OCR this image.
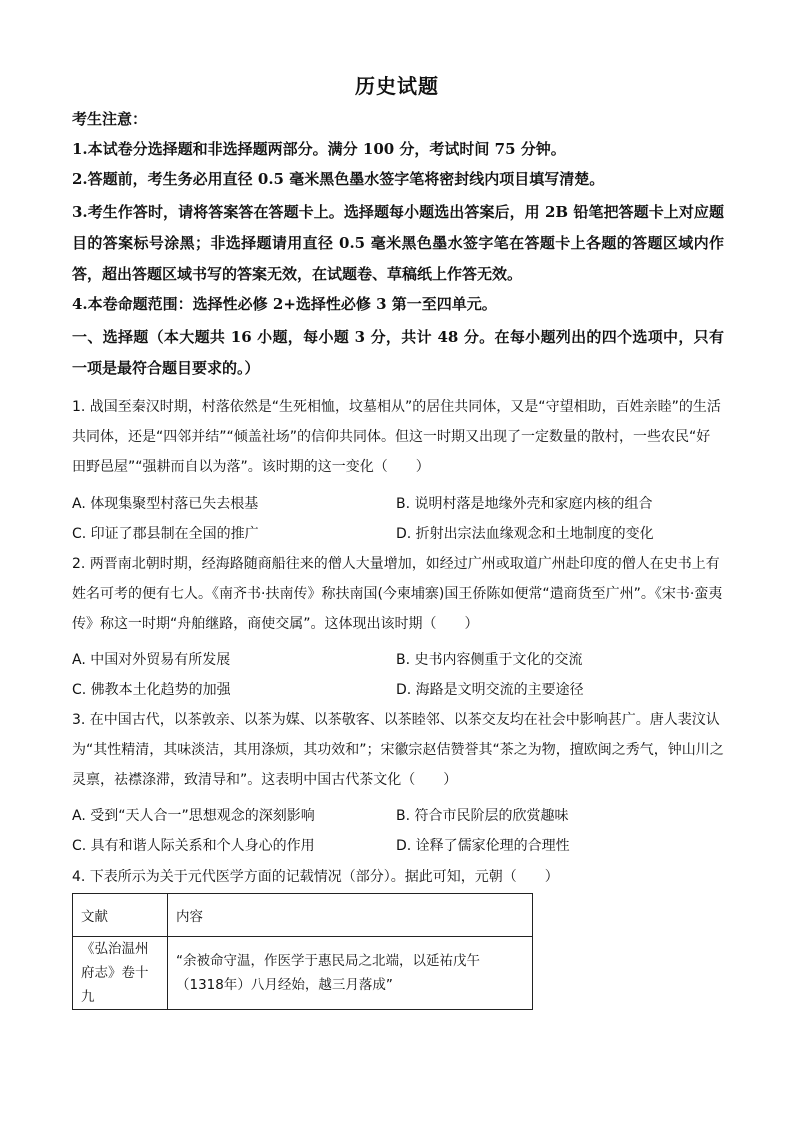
历史试题
考生注意：
1.本试卷分选择题和非选择题两部分。满分 100 分，考试时间 75 分钟。
2.答题前，考生务必用直径 0.5 毫米黑色墨水签字笔将密封线内项目填写清楚。
3.考生作答时，请将答案答在答题卡上。选择题每小题选出答案后，用 2B 铅笔把答题卡上对应题目的答案标号涂黑；非选择题请用直径 0.5 毫米黑色墨水签字笔在答题卡上各题的答题区域内作答，超出答题区域书写的答案无效，在试题卷、草稿纸上作答无效。
4.本卷命题范围：选择性必修 2+选择性必修 3 第一至四单元。
一、选择题（本大题共 16 小题，每小题 3 分，共计 48 分。在每小题列出的四个选项中，只有一项是最符合题目要求的。）
1. 战国至秦汉时期，村落依然是“生死相恤，坟墓相从”的居住共同体，又是“守望相助，百姓亲睦”的生活共同体，还是“四邻并结”“倾盖社场”的信仰共同体。但这一时期又出现了一定数量的散村，一些农民“好田野邑屋”“强耕而自以为落”。该时期的这一变化（　　）
A. 体现集聚型村落已失去根基	B. 说明村落是地缘外壳和家庭内核的组合
C. 印证了郡县制在全国的推广	D. 折射出宗法血缘观念和土地制度的变化
2. 两晋南北朝时期，经海路随商船往来的僧人大量增加，如经过广州或取道广州赴印度的僧人在史书上有姓名可考的便有七人。《南齐书·扶南传》称扶南国(今柬埔寨)国王侨陈如便常“遣商货至广州”。《宋书·蛮夷传》称这一时期“舟舶继路，商使交属”。这体现出该时期（　　）
A. 中国对外贸易有所发展	B. 史书内容侧重于文化的交流
C. 佛教本土化趋势的加强	D. 海路是文明交流的主要途径
3. 在中国古代，以茶敦亲、以茶为媒、以茶敬客、以茶睦邻、以茶交友均在社会中影响甚广。唐人裴汶认为“其性精清，其味淡洁，其用涤烦，其功效和”；宋徽宗赵佶赞誉其“茶之为物，擅欧闽之秀气，钟山川之灵禀，祛襟涤滞，致清导和”。这表明中国古代茶文化（　　）
A. 受到“天人合一”思想观念的深刻影响	B. 符合市民阶层的欣赏趣味
C. 具有和谐人际关系和个人身心的作用	D. 诠释了儒家伦理的合理性
4. 下表所示为关于元代医学方面的记载情况（部分）。据此可知，元朝（　　）
文献	内容
《弘治温州府志》卷十九	“余被命守温，作医学于惠民局之北端，以延祐戊午（1318年）八月经始，越三月落成”
